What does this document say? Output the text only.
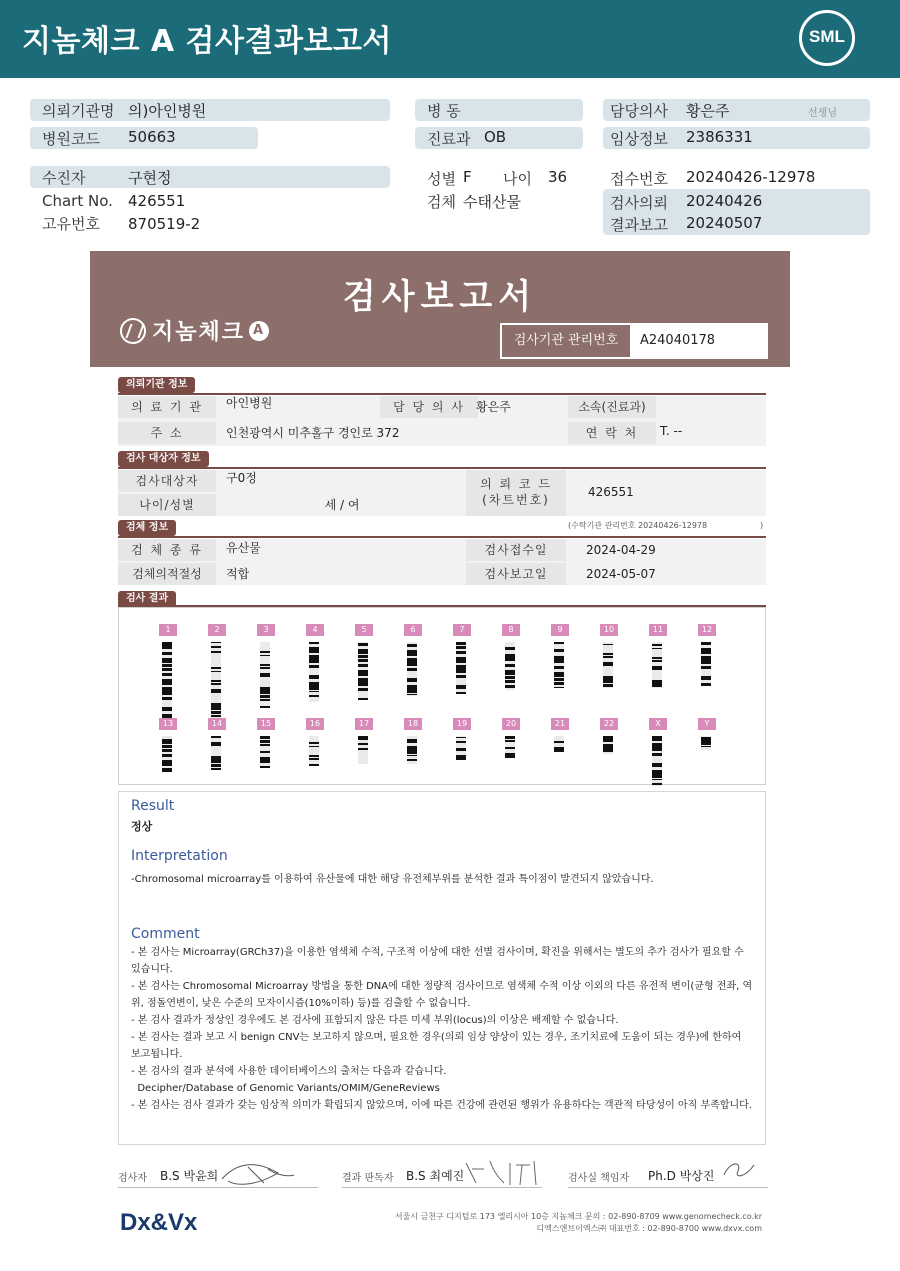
지놈체크 A 검사결과보고서	SML
의뢰기관명 의)아인병원
병원코드 50663
병 동
진료과 OB
담당의사 황은주	선생님
임상정보 2386331
수진자	구현정
Chart No. 426551
고유번호 870519-2
성별 F 나이 36
검체 수태산물
접수번호 20240426-12978
검사의뢰 20240426
결과보고 20240507
검사보고서
지놈체크 A
검사기관 관리번호	A24040178
의뢰기관 정보
의 료 기 관	아인병원	담 당 의 사 황은주	소속(진료과)
주 소	인천광역시 미추홀구 경인로 372	연 락 처	T. --
검사 대상자 정보
검사대상자	구0정
나이/성별	세 / 여
의 뢰 코 드
(차트번호)
426551
검체 정보	(수탁기관 관리번호 20240426-12978	)
검 체 종 류	유산물	검사접수일	2024-04-29
검체의적절성	적합	검사보고일	2024-05-07
검사 결과
1	2	3	4	5	6	7	8	9	10	11	12
13	14	15	16	17	18	19	20	21	22	X	Y
Result
정상
Interpretation
-Chromosomal microarray를 이용하여 유산물에 대한 해당 유전체부위를 분석한 결과 특이점이 발견되지 않았습니다.
Comment
- 본 검사는 Microarray(GRCh37)을 이용한 염색체 수적, 구조적 이상에 대한 선별 검사이며, 확진을 위해서는 별도의 추가 검사가 필요할 수 있습니다.
- 본 검사는 Chromosomal Microarray 방법을 통한 DNA에 대한 정량적 검사이므로 염색체 수적 이상 이외의 다른 유전적 변이(균형 전좌, 역위, 점돌연변이, 낮은 수준의 모자이시즘(10%이하) 등)를 검출할 수 없습니다.
- 본 검사 결과가 정상인 경우에도 본 검사에 표함되지 않은 다른 미세 부위(locus)의 이상은 배제할 수 없습니다.
- 본 검사는 결과 보고 시 benign CNV는 보고하지 않으며, 필요한 경우(의뢰 임상 양상이 있는 경우, 조기치료에 도움이 되는 경우)에 한하여 보고됩니다.
- 본 검사의 결과 분석에 사용한 데이터베이스의 출처는 다음과 같습니다.
Decipher/Database of Genomic Variants/OMIM/GeneReviews
- 본 검사는 검사 결과가 갖는 임상적 의미가 확립되지 않았으며, 이에 따른 건강에 관련된 행위가 유용하다는 객관적 타당성이 아직 부족합니다.
검사자 B.S 박윤희	결과 판독자 B.S 최예진	검사실 책임자 Ph.D 박상진
Dx&Vx	서울시 금천구 디지털로 173 엘리시아 10층 지놈체크 문의 : 02-890-8709 www.genomecheck.co.kr
디엑스앤브이엑스㈜ 대표번호 : 02-890-8700 www.dxvx.com
